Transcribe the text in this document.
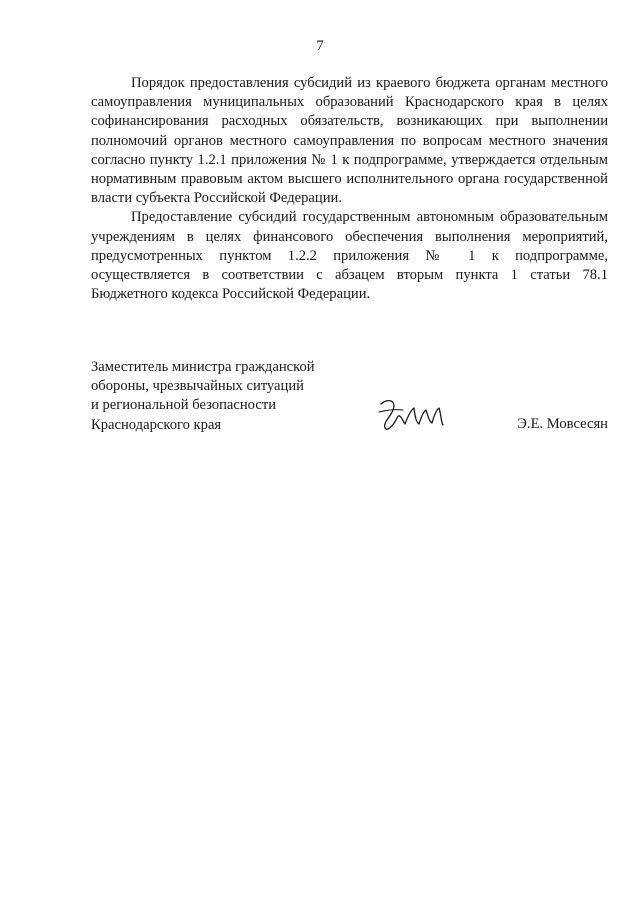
7

Порядок предоставления субсидий из краевого бюджета органам местного самоуправления муниципальных образований Краснодарского края в целях софинансирования расходных обязательств, возникающих при выполнении полномочий органов местного самоуправления по вопросам местного значения согласно пункту 1.2.1 приложения № 1 к подпрограмме, утверждается отдельным нормативным правовым актом высшего исполнительного органа государственной власти субъекта Российской Федерации.

Предоставление субсидий государственным автономным образовательным учреждениям в целях финансового обеспечения выполнения мероприятий, предусмотренных пунктом 1.2.2 приложения № 1 к подпрограмме, осуществляется в соответствии с абзацем вторым пункта 1 статьи 78.1 Бюджетного кодекса Российской Федерации.

Заместитель министра гражданской
обороны, чрезвычайных ситуаций
и региональной безопасности
Краснодарского края	Э.Е. Мовсесян
